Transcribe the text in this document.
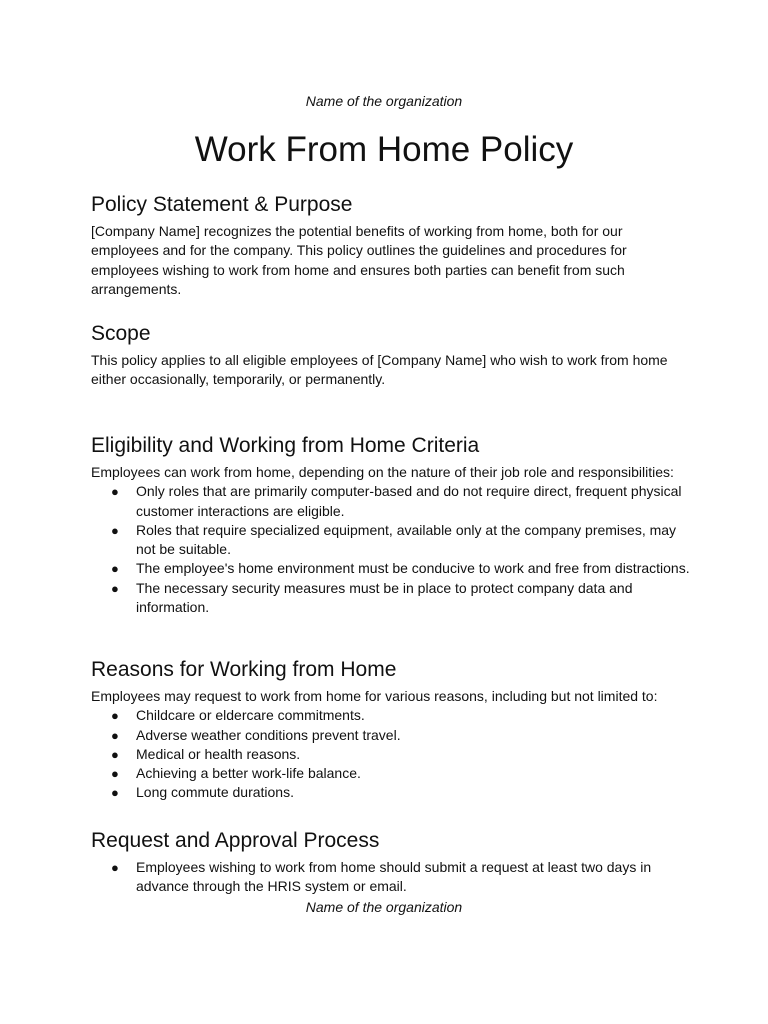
Name of the organization

Work From Home Policy
Policy Statement & Purpose

[Company Name] recognizes the potential benefits of working from home, both for our employees and for the company. This policy outlines the guidelines and procedures for employees wishing to work from home and ensures both parties can benefit from such arrangements.

Scope

This policy applies to all eligible employees of [Company Name] who wish to work from home either occasionally, temporarily, or permanently.

Eligibility and Working from Home Criteria

Employees can work from home, depending on the nature of their job role and responsibilities:

● Only roles that are primarily computer-based and do not require direct, frequent physical customer interactions are eligible.
● Roles that require specialized equipment, available only at the company premises, may not be suitable.
● The employee's home environment must be conducive to work and free from distractions.
● The necessary security measures must be in place to protect company data and information.
Reasons for Working from Home

Employees may request to work from home for various reasons, including but not limited to:

● Childcare or eldercare commitments.
● Adverse weather conditions prevent travel.
● Medical or health reasons.
● Achieving a better work-life balance.
● Long commute durations.
Request and Approval Process
● Employees wishing to work from home should submit a request at least two days in advance through the HRIS system or email.

Name of the organization
